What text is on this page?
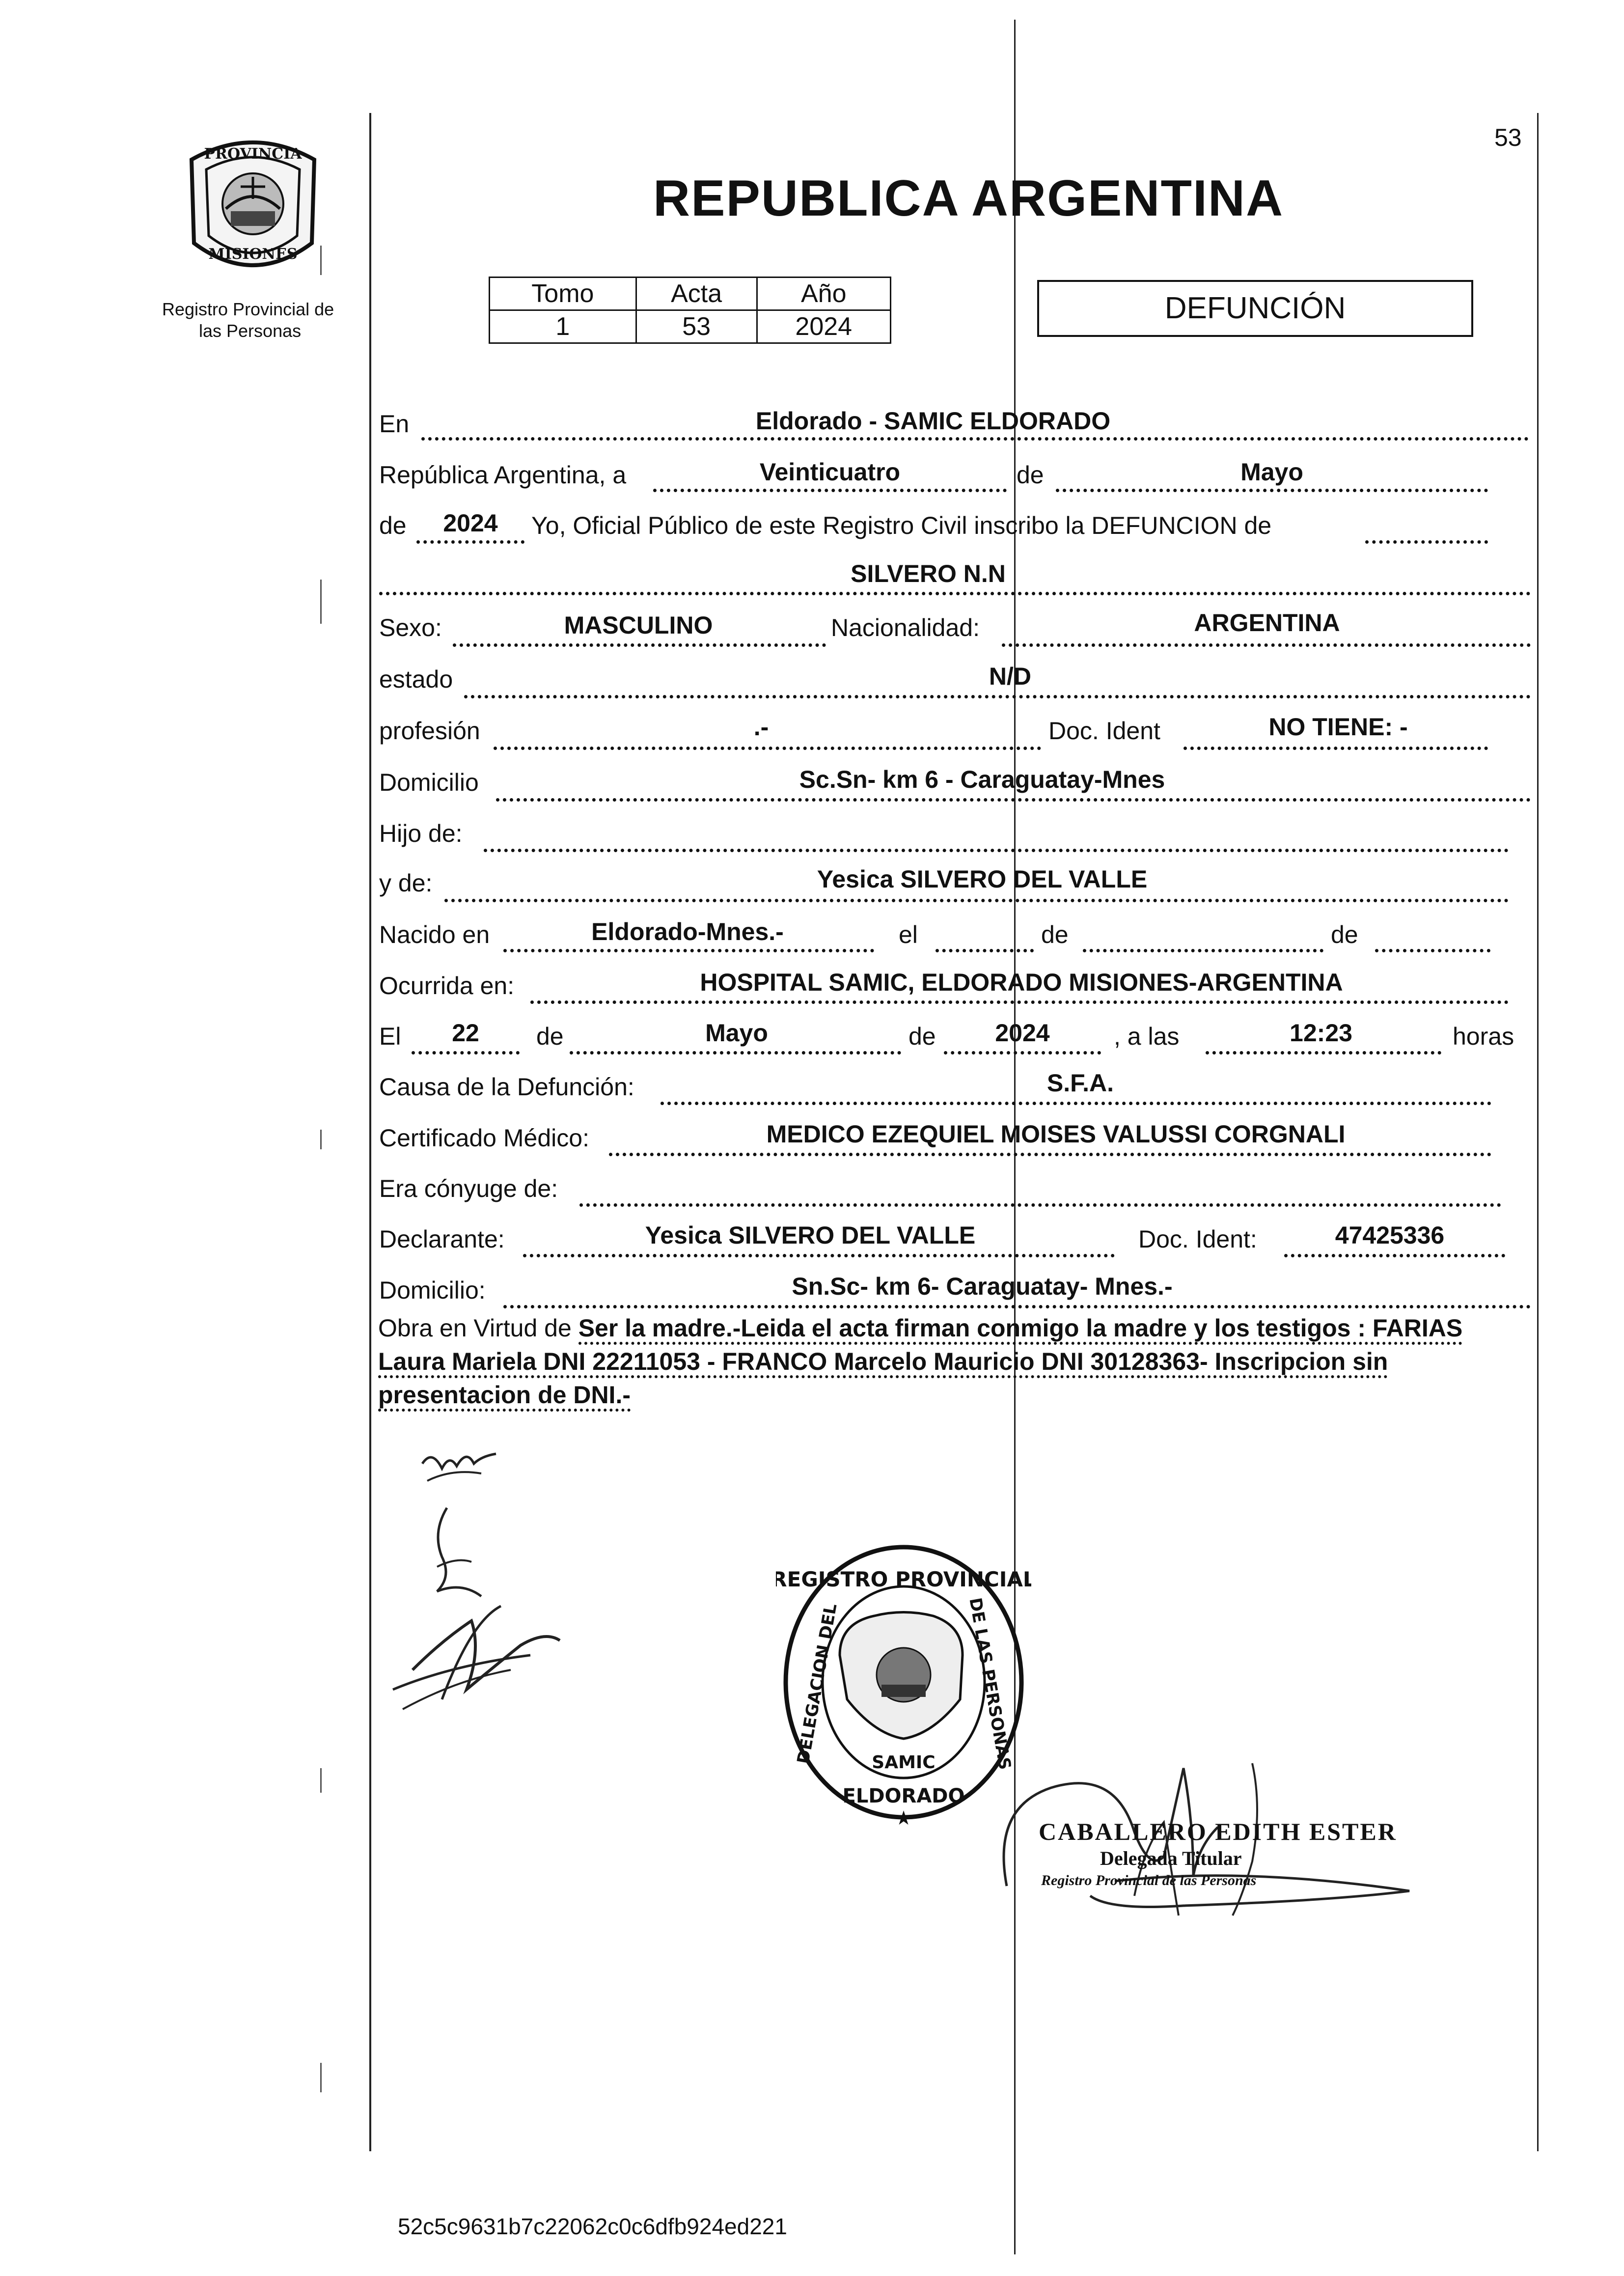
53
PROVINCIA
MISIONES
Registro Provincial de
las Personas
REPUBLICA ARGENTINA
Tomo	Acta	Año
1	53	2024
DEFUNCIÓN
En	Eldorado - SAMIC ELDORADO
República Argentina, a	Veinticuatro	de	Mayo
de	2024	Yo, Oficial Público de este Registro Civil inscribo la DEFUNCION de
SILVERO N.N
Sexo:	MASCULINO	Nacionalidad:	ARGENTINA
estado	N/D
profesión	.-	Doc. Ident	NO TIENE: -
Domicilio	Sc.Sn- km 6 - Caraguatay-Mnes
Hijo de:
y de:	Yesica SILVERO DEL VALLE
Nacido en	Eldorado-Mnes.-	el	de	de
Ocurrida en:	HOSPITAL SAMIC, ELDORADO MISIONES-ARGENTINA
El	22	de	Mayo	de	2024	, a las	12:23	horas
Causa de la Defunción:	S.F.A.
Certificado Médico:	MEDICO EZEQUIEL MOISES VALUSSI CORGNALI
Era cónyuge de:
Declarante:	Yesica SILVERO DEL VALLE	Doc. Ident:	47425336
Domicilio:	Sn.Sc- km 6- Caraguatay- Mnes.-
Obra en Virtud de Ser la madre.-Leida el acta firman conmigo la madre y los testigos : FARIAS Laura Mariela DNI 22211053 - FRANCO Marcelo Mauricio DNI 30128363- Inscripcion sin presentacion de DNI.-
REGISTRO PROVINCIAL
ELDORADO
DELEGACION DEL	DE LAS PERSONAS
SAMIC
★	CABALLERO EDITH ESTER
Delegada Titular
Registro Provincial de las Personas
52c5c9631b7c22062c0c6dfb924ed221
